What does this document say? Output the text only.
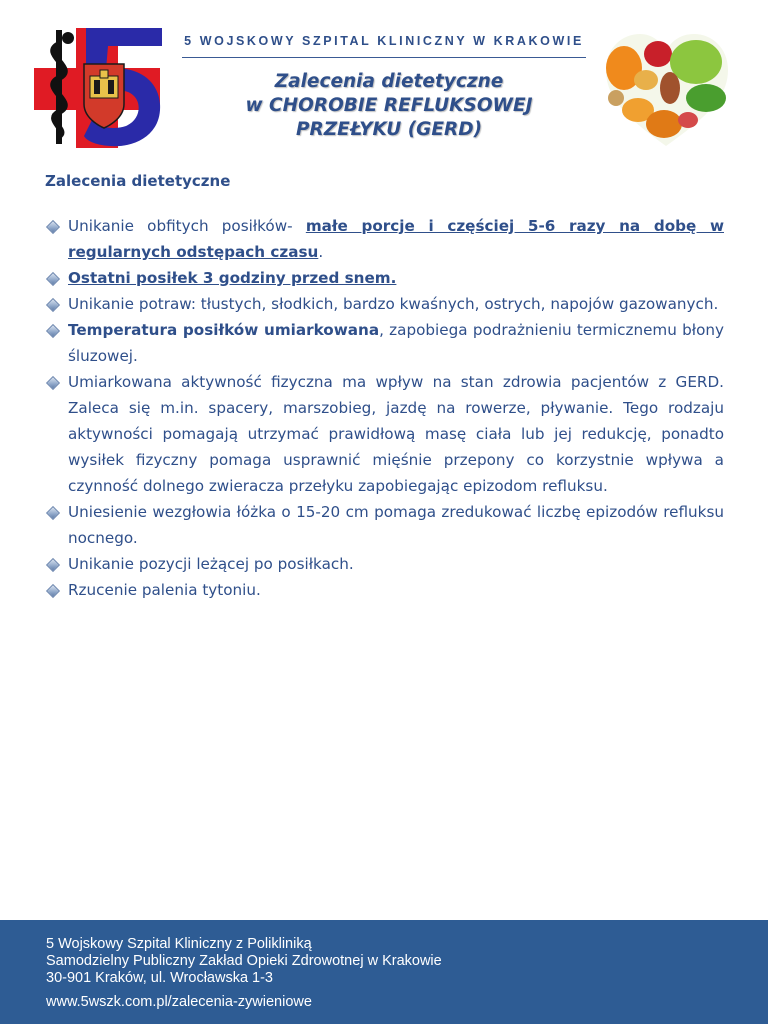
5 WOJSKOWY SZPITAL KLINICZNY W KRAKOWIE
Zalecenia dietetyczne
w CHOROBIE REFLUKSOWEJ
PRZEŁYKU (GERD)
Zalecenia dietetyczne
Unikanie obfitych posiłków- małe porcje i częściej 5-6 razy na dobę w regularnych odstępach czasu.
Ostatni posiłek 3 godziny przed snem.
Unikanie potraw: tłustych, słodkich, bardzo kwaśnych, ostrych, napojów gazowanych.
Temperatura posiłków umiarkowana, zapobiega podrażnieniu termicznemu błony śluzowej.
Umiarkowana aktywność fizyczna ma wpływ na stan zdrowia pacjentów z GERD. Zaleca się m.in. spacery, marszobieg, jazdę na rowerze, pływanie. Tego rodzaju aktywności pomagają utrzymać prawidłową masę ciała lub jej redukcję, ponadto wysiłek fizyczny pomaga usprawnić mięśnie przepony co korzystnie wpływa a czynność dolnego zwieracza przełyku zapobiegając epizodom refluksu.
Uniesienie wezgłowia łóżka o 15-20 cm pomaga zredukować liczbę epizodów refluksu nocnego.
Unikanie pozycji leżącej po posiłkach.
Rzucenie palenia tytoniu.
5 Wojskowy Szpital Kliniczny z Polikliniką
Samodzielny Publiczny Zakład Opieki Zdrowotnej w Krakowie
30-901 Kraków, ul. Wrocławska 1-3
www.5wszk.com.pl/zalecenia-zywieniowe
